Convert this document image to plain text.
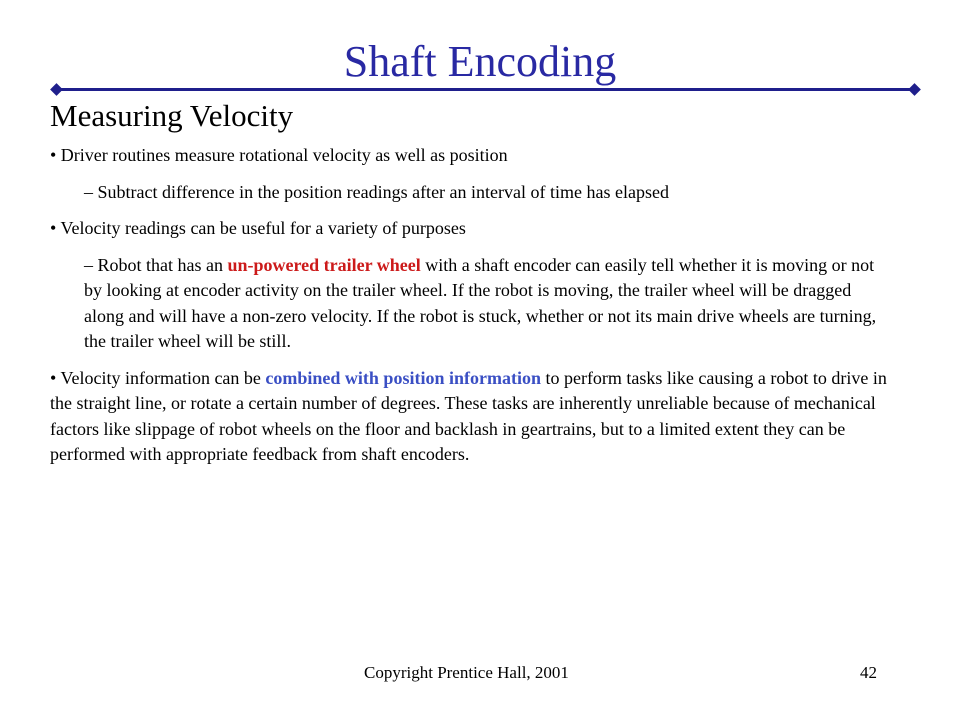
Shaft Encoding
Measuring Velocity

• Driver routines measure rotational velocity as well as position

– Subtract difference in the position readings after an interval of time has elapsed

• Velocity readings can be useful for a variety of purposes

– Robot that has an un-powered trailer wheel with a shaft encoder can easily tell whether it is moving or not by looking at encoder activity on the trailer wheel. If the robot is moving, the trailer wheel will be dragged along and will have a non-zero velocity. If the robot is stuck, whether or not its main drive wheels are turning, the trailer wheel will be still.

• Velocity information can be combined with position information to perform tasks like causing a robot to drive in the straight line, or rotate a certain number of degrees. These tasks are inherently unreliable because of mechanical factors like slippage of robot wheels on the floor and backlash in geartrains, but to a limited extent they can be performed with appropriate feedback from shaft encoders.

Copyright Prentice Hall, 2001	42
